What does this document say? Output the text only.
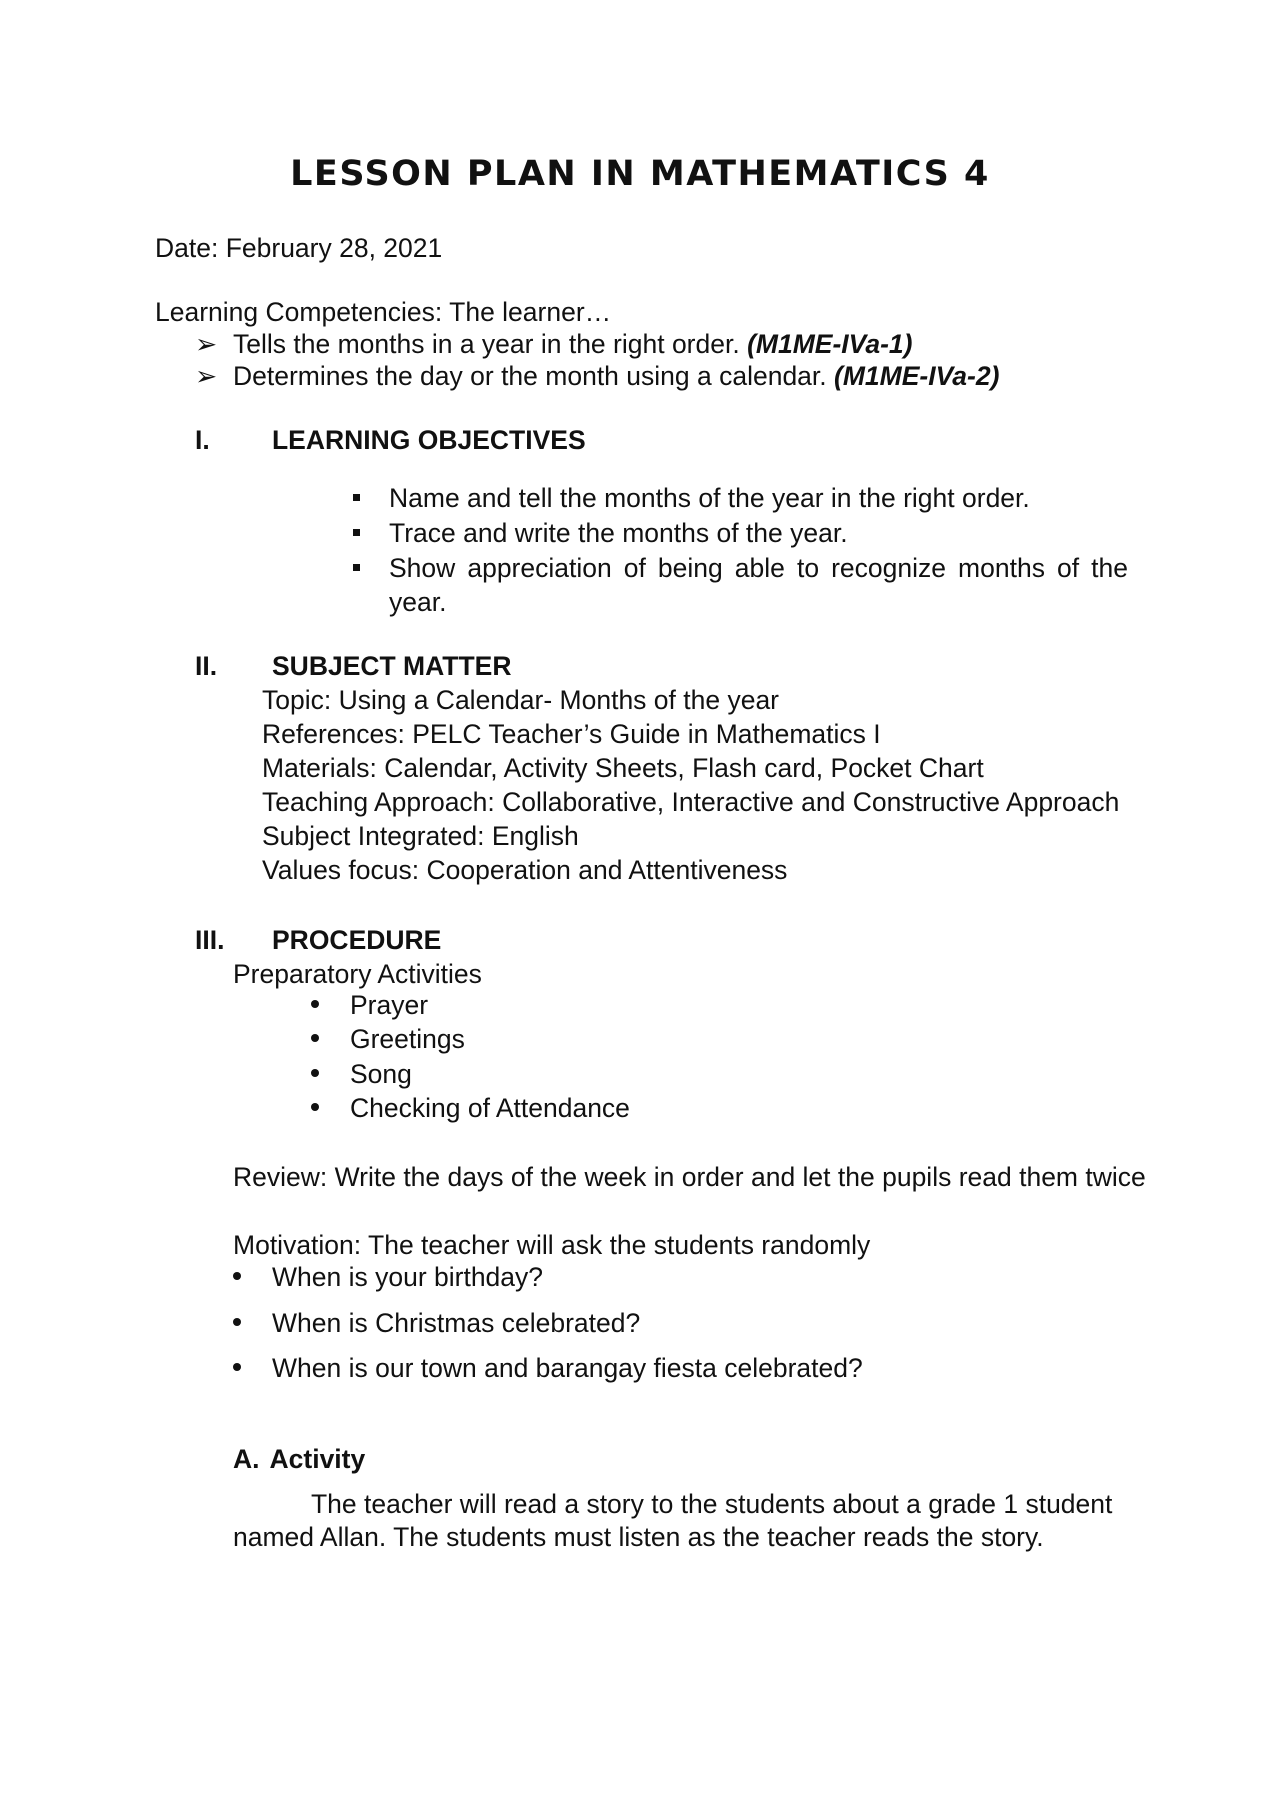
LESSON PLAN IN MATHEMATICS 4
Date: February 28, 2021
Learning Competencies: The learner…
➢ Tells the months in a year in the right order. (M1ME-IVa-1)
➢ Determines the day or the month using a calendar. (M1ME-IVa-2)
I. LEARNING OBJECTIVES
Name and tell the months of the year in the right order.
Trace and write the months of the year.
Show appreciation of being able to recognize months of the
year.
II. SUBJECT MATTER
Topic: Using a Calendar- Months of the year
References: PELC Teacher’s Guide in Mathematics I
Materials: Calendar, Activity Sheets, Flash card, Pocket Chart
Teaching Approach: Collaborative, Interactive and Constructive Approach
Subject Integrated: English
Values focus: Cooperation and Attentiveness
III. PROCEDURE
Preparatory Activities
Prayer
Greetings
Song
Checking of Attendance
Review: Write the days of the week in order and let the pupils read them twice
Motivation: The teacher will ask the students randomly
When is your birthday?
When is Christmas celebrated?
When is our town and barangay fiesta celebrated?
A. Activity
The teacher will read a story to the students about a grade 1 student
named Allan. The students must listen as the teacher reads the story.
